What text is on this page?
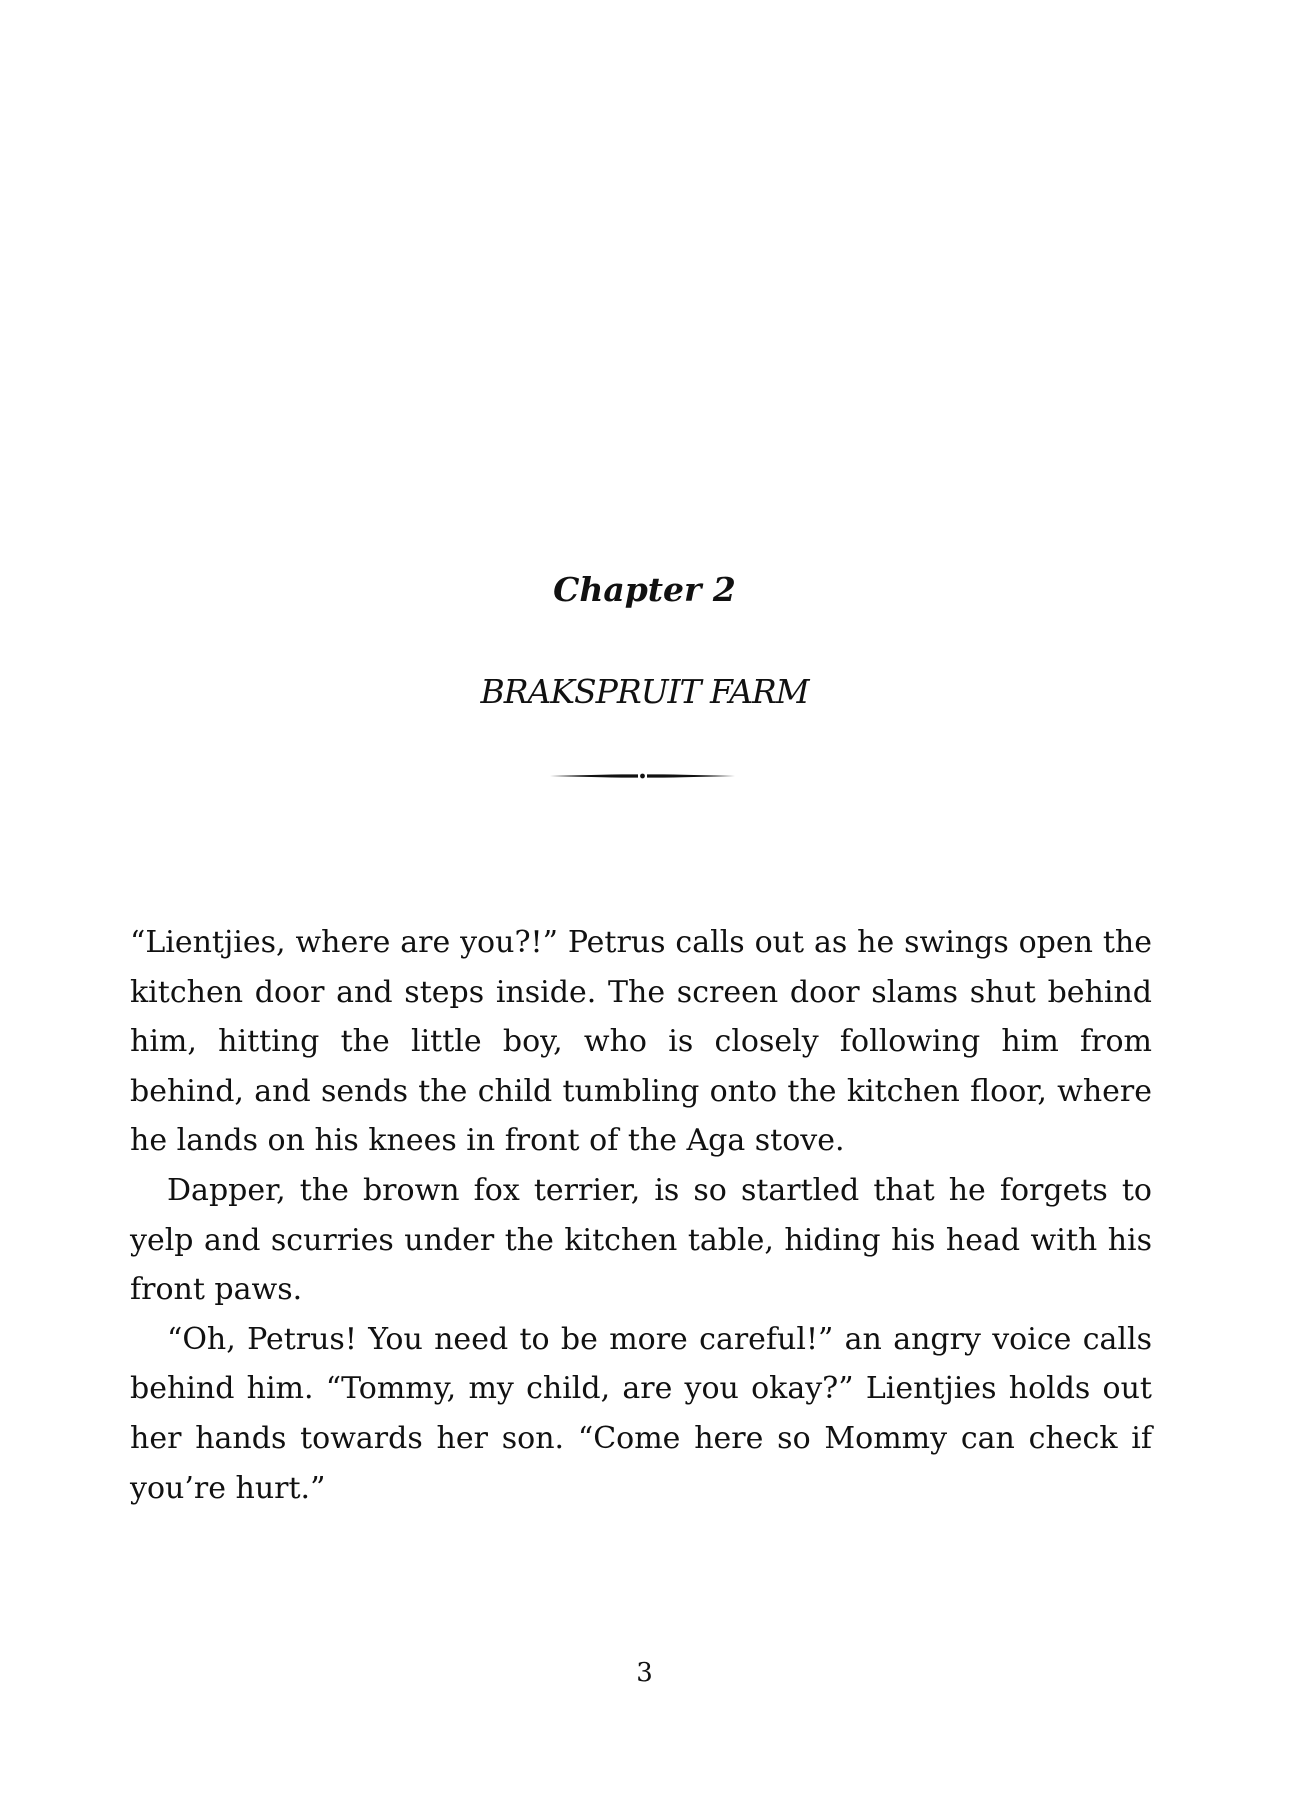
Chapter 2
BRAKSPRUIT FARM

“Lientjies, where are you?!” Petrus calls out as he swings open the kitchen door and steps inside. The screen door slams shut behind him, hitting the little boy, who is closely following him from behind, and sends the child tumbling onto the kitchen floor, where he lands on his knees in front of the Aga stove.

Dapper, the brown fox terrier, is so startled that he forgets to yelp and scurries under the kitchen table, hiding his head with his front paws.

“Oh, Petrus! You need to be more careful!” an angry voice calls behind him. “Tommy, my child, are you okay?” Lientjies holds out her hands towards her son. “Come here so Mommy can check if you’re hurt.”

3
